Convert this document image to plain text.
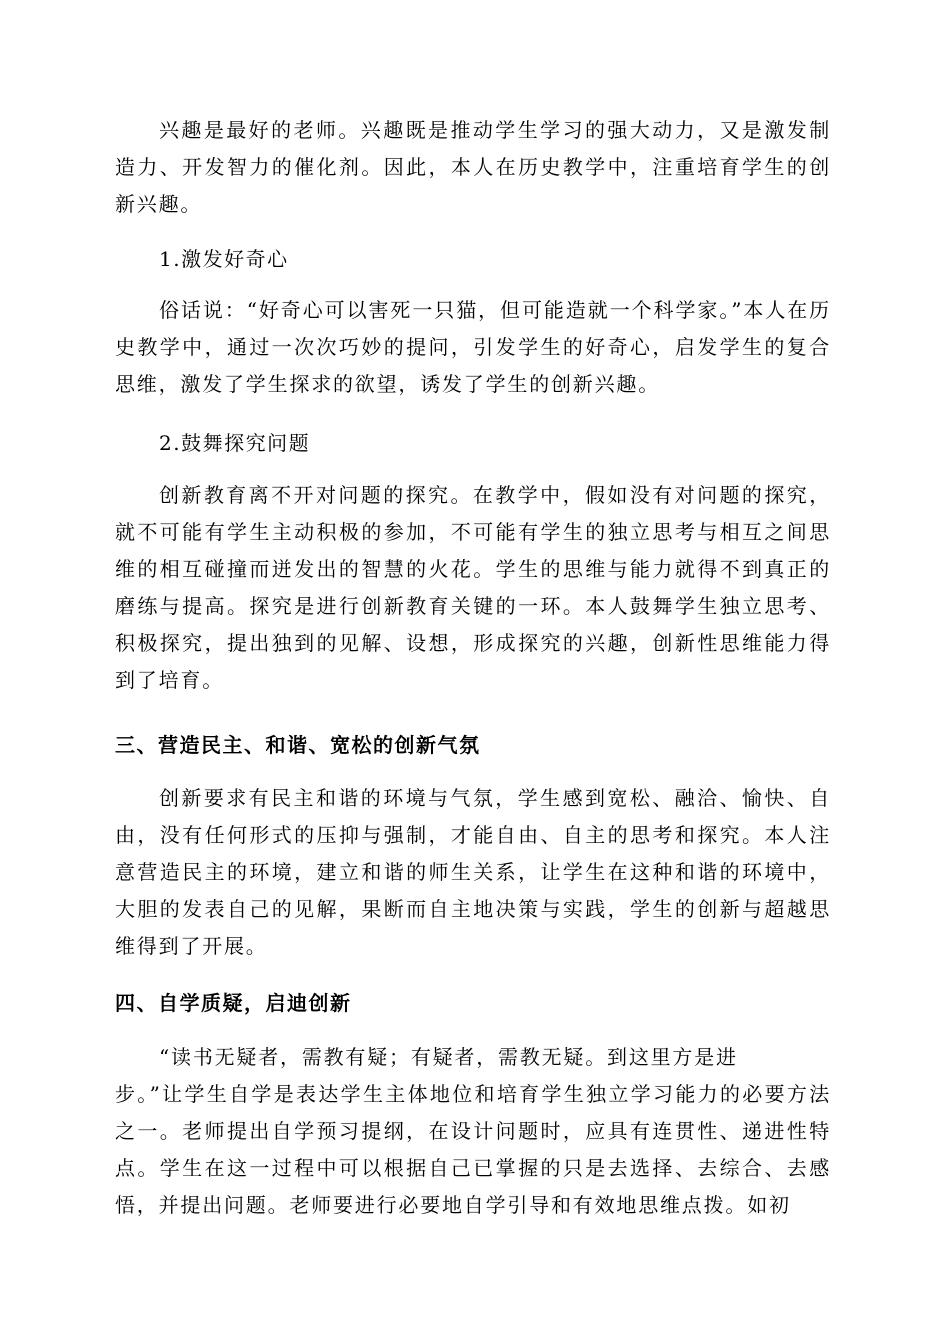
兴趣是最好的老师。兴趣既是推动学生学习的强大动力，又是激发制造力、开发智力的催化剂。因此，本人在历史教学中，注重培育学生的创新兴趣。

1.激发好奇心

俗话说：“好奇心可以害死一只猫，但可能造就一个科学家。”本人在历史教学中，通过一次次巧妙的提问，引发学生的好奇心，启发学生的复合思维，激发了学生探求的欲望，诱发了学生的创新兴趣。

2.鼓舞探究问题

创新教育离不开对问题的探究。在教学中，假如没有对问题的探究，就不可能有学生主动积极的参加，不可能有学生的独立思考与相互之间思维的相互碰撞而迸发出的智慧的火花。学生的思维与能力就得不到真正的磨练与提高。探究是进行创新教育关键的一环。本人鼓舞学生独立思考、积极探究，提出独到的见解、设想，形成探究的兴趣，创新性思维能力得到了培育。

三、营造民主、和谐、宽松的创新气氛

创新要求有民主和谐的环境与气氛，学生感到宽松、融洽、愉快、自由，没有任何形式的压抑与强制，才能自由、自主的思考和探究。本人注意营造民主的环境，建立和谐的师生关系，让学生在这种和谐的环境中，大胆的发表自己的见解，果断而自主地决策与实践，学生的创新与超越思维得到了开展。

四、自学质疑，启迪创新

“读书无疑者，需教有疑；有疑者，需教无疑。到这里方是进

步。”让学生自学是表达学生主体地位和培育学生独立学习能力的必要方法之一。老师提出自学预习提纲，在设计问题时，应具有连贯性、递进性特点。学生在这一过程中可以根据自己已掌握的只是去选择、去综合、去感悟，并提出问题。老师要进行必要地自学引导和有效地思维点拨。如初
